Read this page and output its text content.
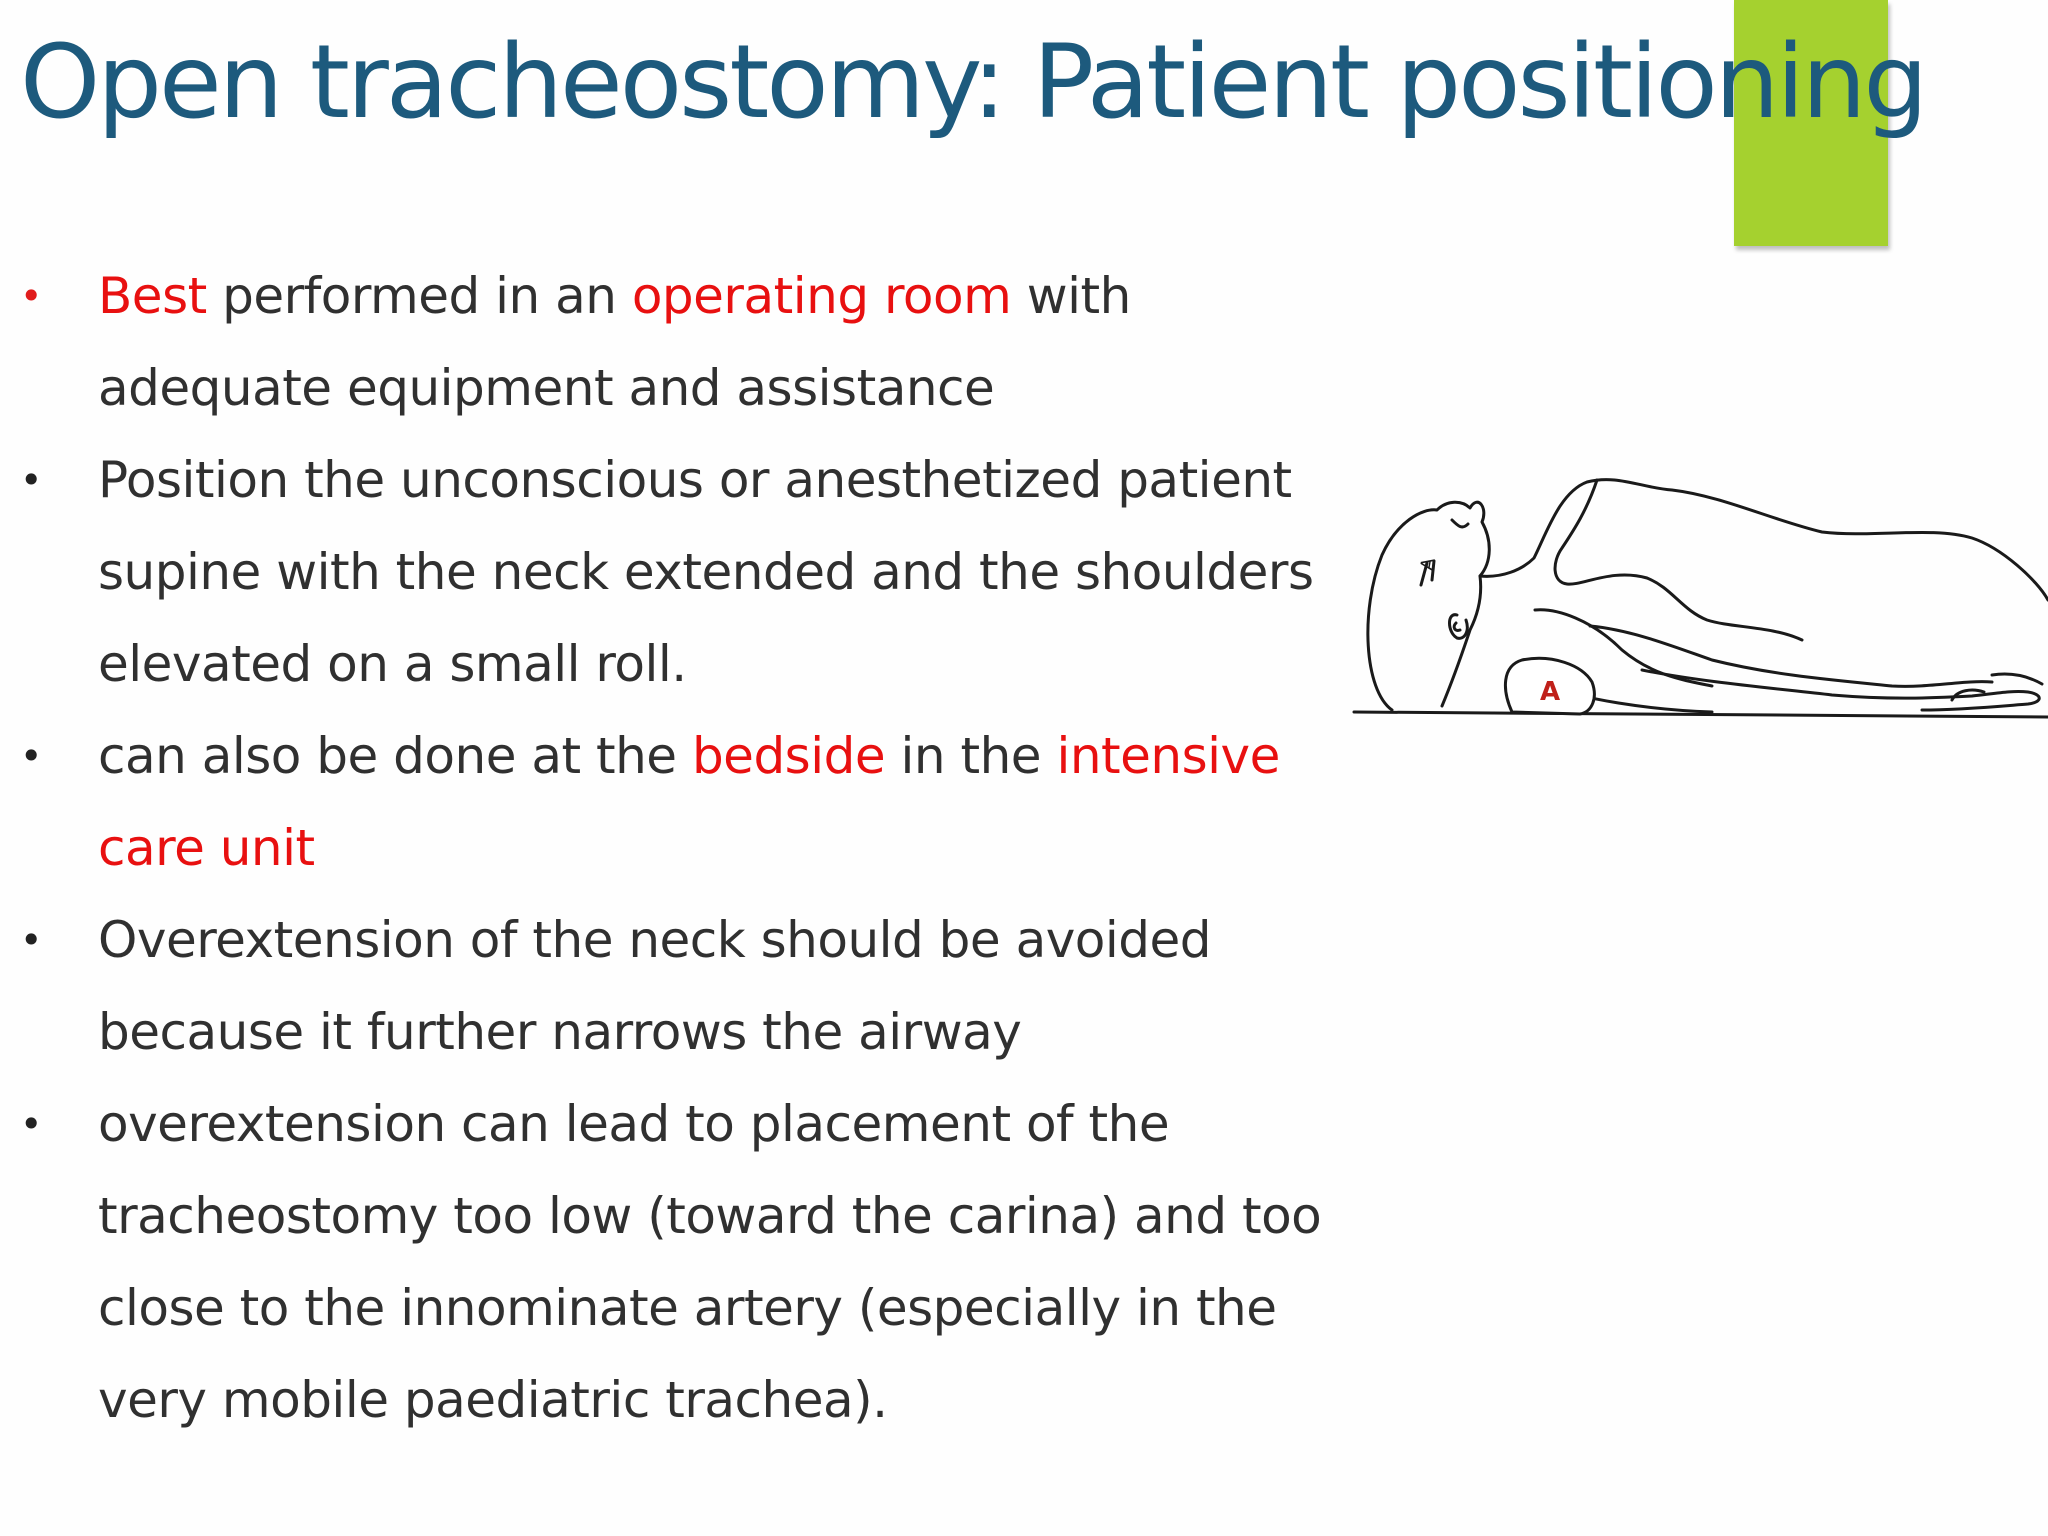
Open tracheostomy: Patient positioning
• Best performed in an operating room with adequate equipment and assistance
• Position the unconscious or anesthetized patient supine with the neck extended and the shoulders elevated on a small roll.
• can also be done at the bedside in the intensive care unit
• Overextension of the neck should be avoided because it further narrows the airway
• overextension can lead to placement of the tracheostomy too low (toward the carina) and too close to the innominate artery (especially in the very mobile paediatric trachea).
A
A
